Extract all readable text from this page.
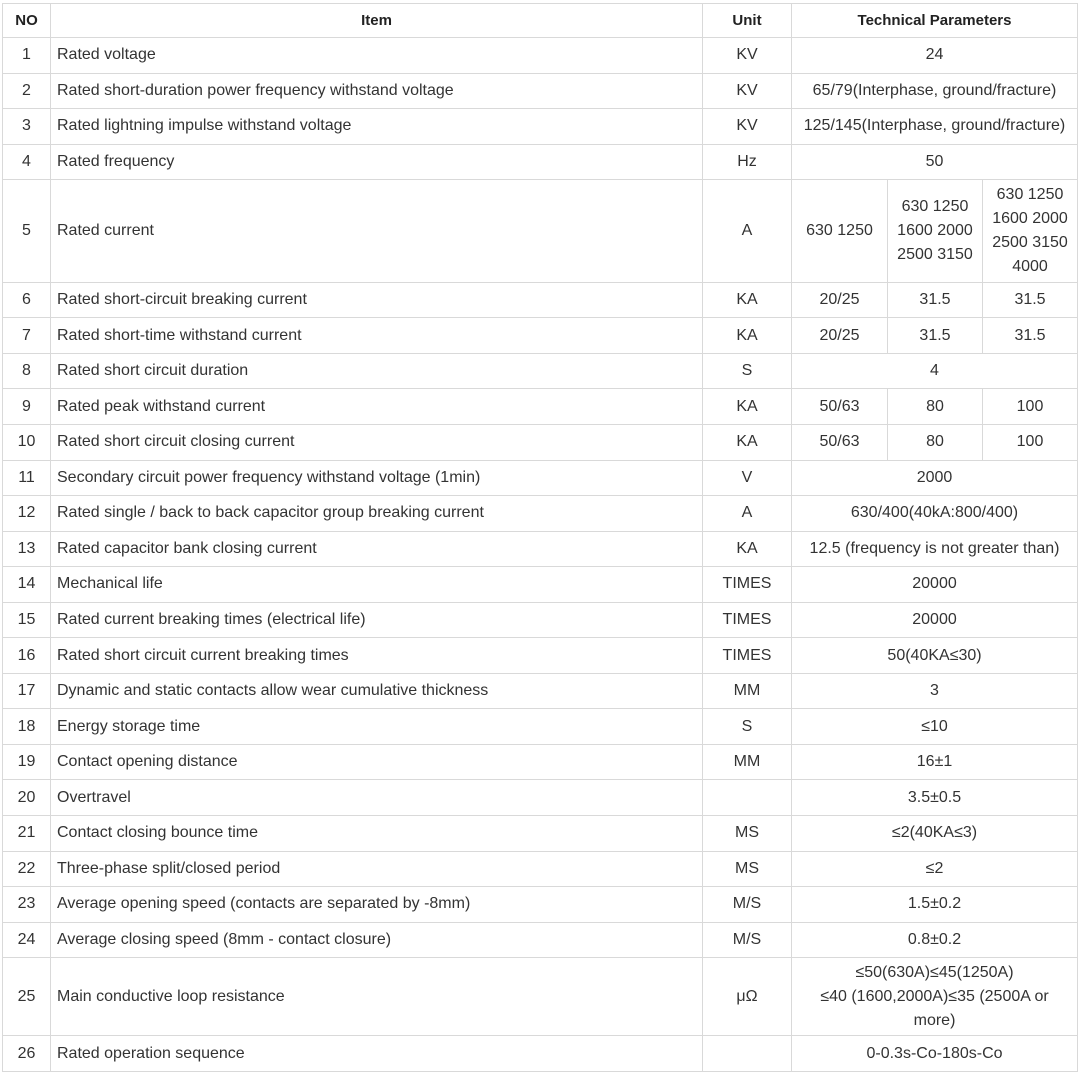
NO	Item	Unit	Technical Parameters		
1	Rated voltage	KV	24		
2	Rated short-duration power frequency withstand voltage	KV	65/79(Interphase, ground/fracture)		
3	Rated lightning impulse withstand voltage	KV	125/145(Interphase, ground/fracture)		
4	Rated frequency	Hz	50		
5	Rated current	A	630 1250	630 1250 1600 2000 2500 3150	630 1250 1600 2000 2500 3150 4000
6	Rated short-circuit breaking current	KA	20/25	31.5	31.5
7	Rated short-time withstand current	KA	20/25	31.5	31.5
8	Rated short circuit duration	S	4		
9	Rated peak withstand current	KA	50/63	80	100
10	Rated short circuit closing current	KA	50/63	80	100
11	Secondary circuit power frequency withstand voltage (1min)	V	2000		
12	Rated single / back to back capacitor group breaking current	A	630/400(40kA:800/400)		
13	Rated capacitor bank closing current	KA	12.5 (frequency is not greater than)		
14	Mechanical life	TIMES	20000		
15	Rated current breaking times (electrical life)	TIMES	20000		
16	Rated short circuit current breaking times	TIMES	50(40KA≤30)		
17	Dynamic and static contacts allow wear cumulative thickness	MM	3		
18	Energy storage time	S	≤10		
19	Contact opening distance	MM	16±1		
20	Overtravel		3.5±0.5		
21	Contact closing bounce time	MS	≤2(40KA≤3)		
22	Three-phase split/closed period	MS	≤2		
23	Average opening speed (contacts are separated by -8mm)	M/S	1.5±0.2		
24	Average closing speed (8mm - contact closure)	M/S	0.8±0.2		
25	Main conductive loop resistance	μΩ	≤50(630A)≤45(1250A)
≤40 (1600,2000A)≤35 (2500A or more)		

26	Rated operation sequence		0-0.3s-Co-180s-Co		
